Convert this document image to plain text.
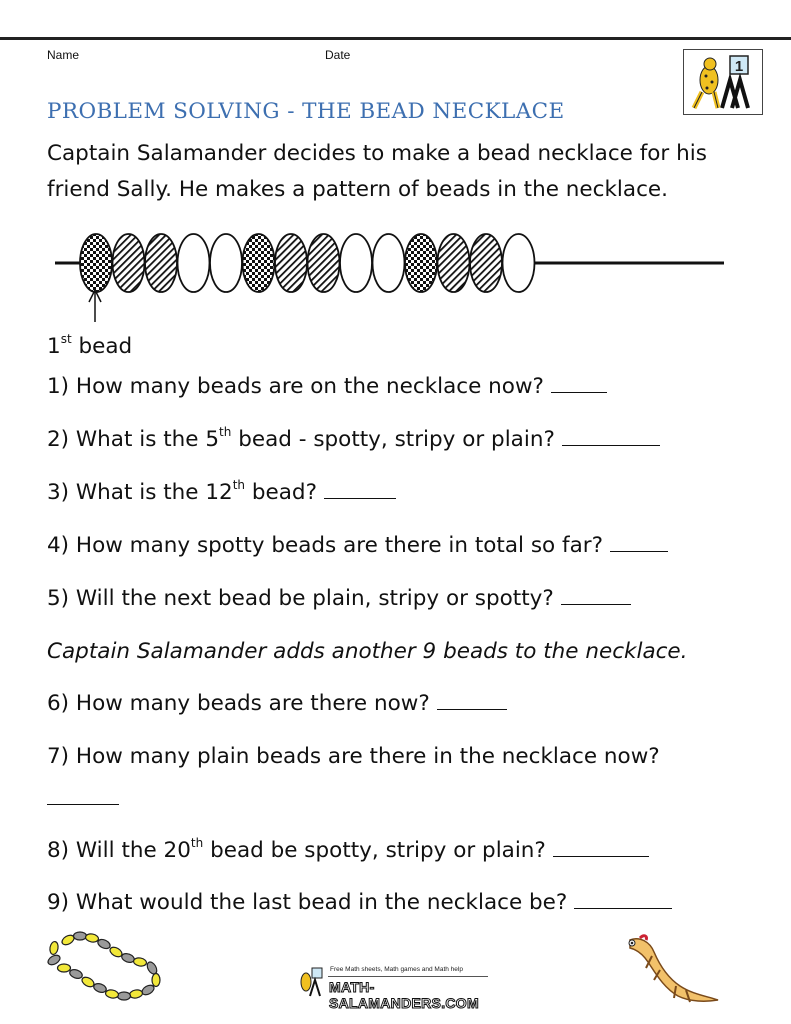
Name	Date
1
PROBLEM SOLVING - THE BEAD NECKLACE
Captain Salamander decides to make a bead necklace for his friend Sally. He makes a pattern of beads in the necklace.
1st bead
1) How many beads are on the necklace now?
2) What is the 5th bead - spotty, stripy or plain?
3) What is the 12th bead?
4) How many spotty beads are there in total so far?
5) Will the next bead be plain, stripy or spotty?
Captain Salamander adds another 9 beads to the necklace.
6) How many beads are there now?
7) How many plain beads are there in the necklace now?
8) Will the 20th bead be spotty, stripy or plain?
9) What would the last bead in the necklace be?
Free Math sheets, Math games and Math help
MATH-SALAMANDERS.COM
